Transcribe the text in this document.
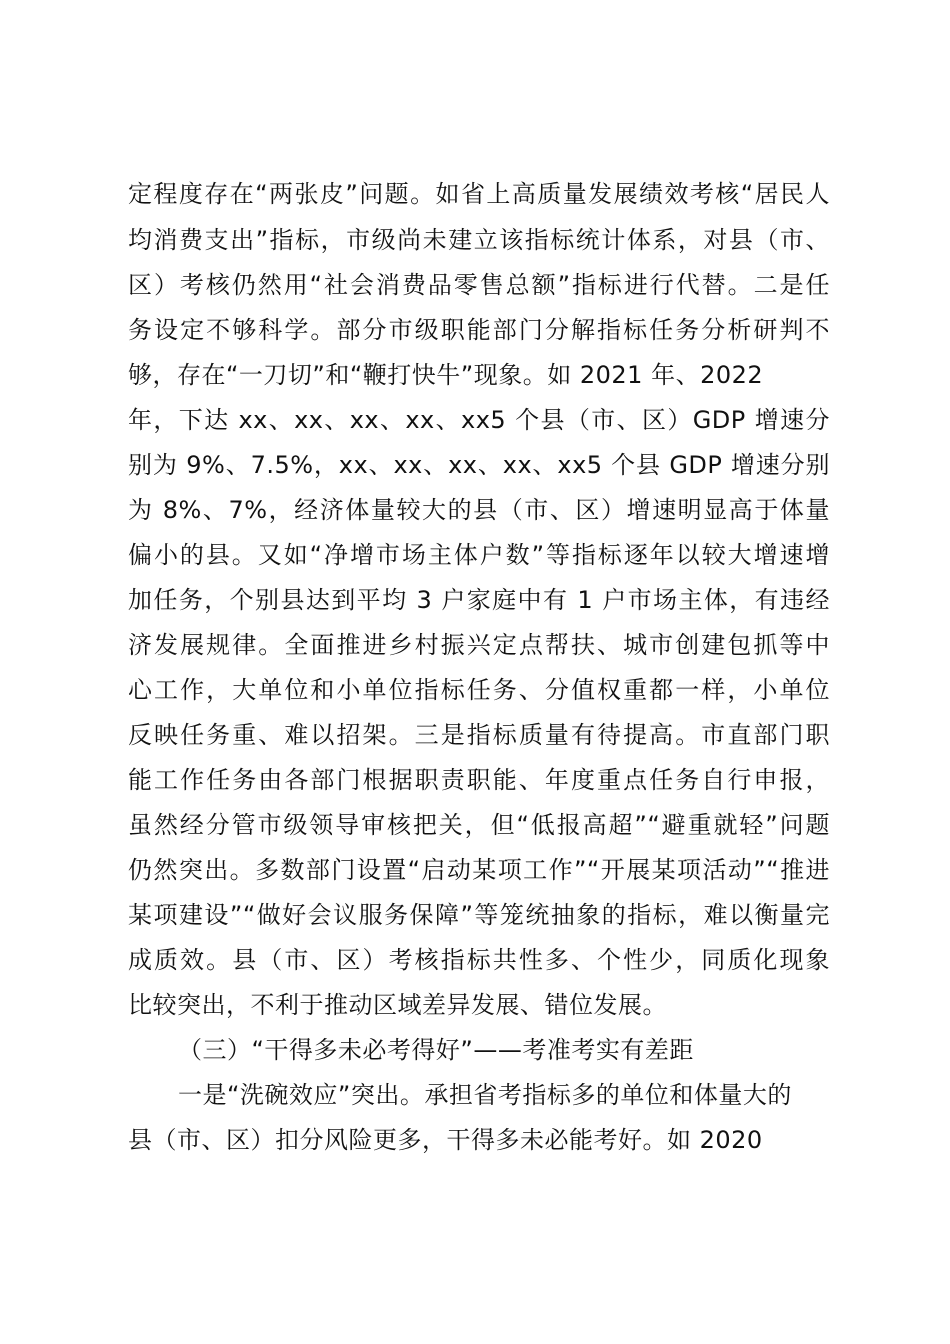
定程度存在“两张皮”问题。如省上高质量发展绩效考核“居民人
均消费支出”指标，市级尚未建立该指标统计体系，对县（市、
区）考核仍然用“社会消费品零售总额”指标进行代替。二是任
务设定不够科学。部分市级职能部门分解指标任务分析研判不
够，存在“一刀切”和“鞭打快牛”现象。如 2021 年、2022
年，下达 xx、xx、xx、xx、xx5 个县（市、区）GDP 增速分
别为 9%、7.5%，xx、xx、xx、xx、xx5 个县 GDP 增速分别
为 8%、7%，经济体量较大的县（市、区）增速明显高于体量
偏小的县。又如“净增市场主体户数”等指标逐年以较大增速增
加任务，个别县达到平均 3 户家庭中有 1 户市场主体，有违经
济发展规律。全面推进乡村振兴定点帮扶、城市创建包抓等中
心工作，大单位和小单位指标任务、分值权重都一样，小单位
反映任务重、难以招架。三是指标质量有待提高。市直部门职
能工作任务由各部门根据职责职能、年度重点任务自行申报，
虽然经分管市级领导审核把关，但“低报高超”“避重就轻”问题
仍然突出。多数部门设置“启动某项工作”“开展某项活动”“推进
某项建设”“做好会议服务保障”等笼统抽象的指标，难以衡量完
成质效。县（市、区）考核指标共性多、个性少，同质化现象
比较突出，不利于推动区域差异发展、错位发展。
（三）“干得多未必考得好”——考准考实有差距
一是“洗碗效应”突出。承担省考指标多的单位和体量大的
县（市、区）扣分风险更多，干得多未必能考好。如 2020
